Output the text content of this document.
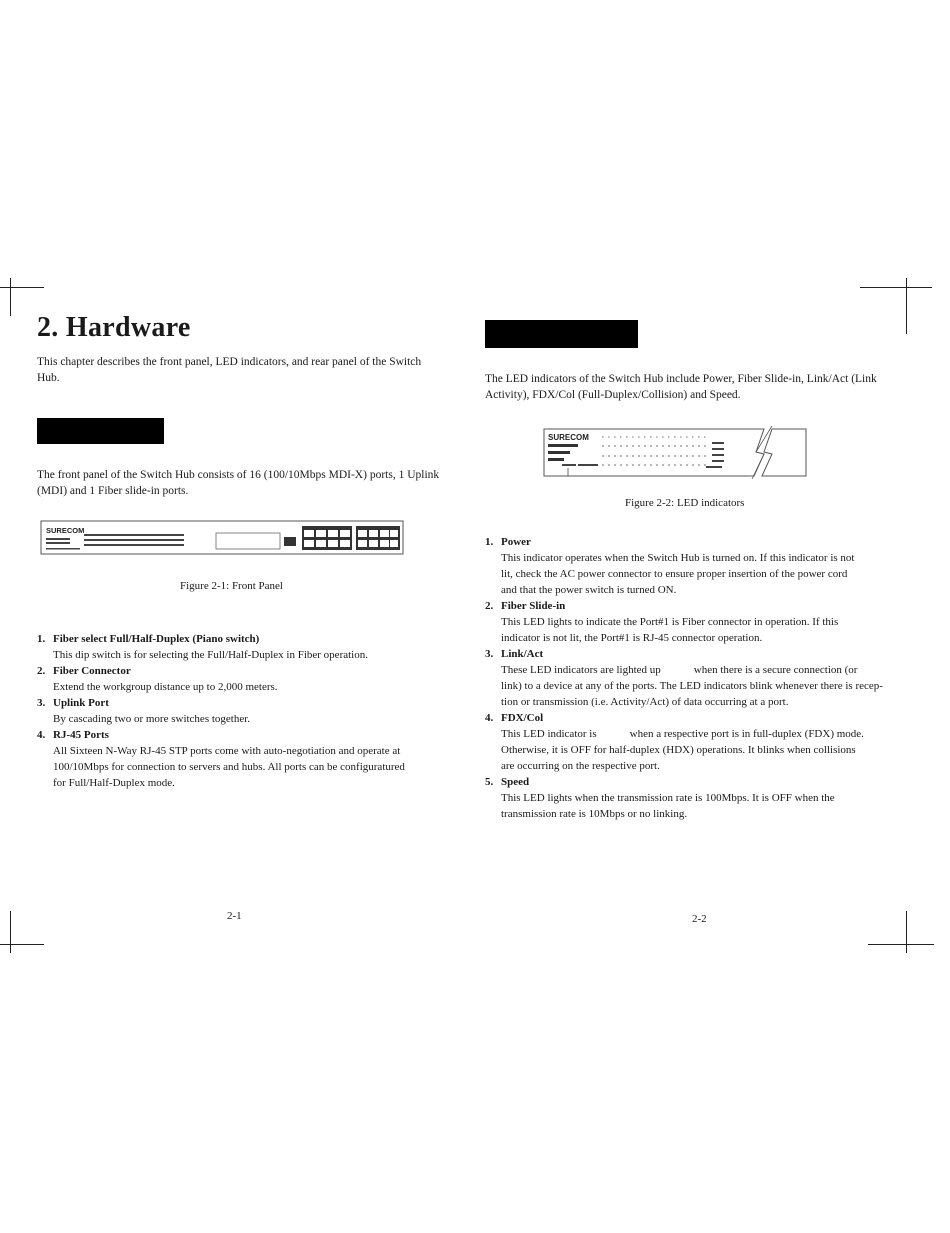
2. Hardware
This chapter describes the front panel, LED indicators, and rear panel of the Switch
Hub.
The front panel of the Switch Hub consists of 16 (100/10Mbps MDI-X) ports, 1 Uplink
(MDI) and 1 Fiber slide-in ports.
SURECOM
Figure 2-1: Front Panel
1. Fiber select Full/Half-Duplex (Piano switch)
This dip switch is for selecting the Full/Half-Duplex in Fiber operation.
2. Fiber Connector
Extend the workgroup distance up to 2,000 meters.
3. Uplink Port
By cascading two or more switches together.
4. RJ-45 Ports
All Sixteen N-Way RJ-45 STP ports come with auto-negotiation and operate at
100/10Mbps for connection to servers and hubs. All ports can be configuratured
for Full/Half-Duplex mode.
2-1
The LED indicators of the Switch Hub include Power, Fiber Slide-in, Link/Act (Link
Activity), FDX/Col (Full-Duplex/Collision) and Speed.
SURECOM
Figure 2-2: LED indicators
1. Power
This indicator operates when the Switch Hub is turned on. If this indicator is not
lit, check the AC power connector to ensure proper insertion of the power cord
and that the power switch is turned ON.
2. Fiber Slide-in
This LED lights to indicate the Port#1 is Fiber connector in operation. If this
indicator is not lit, the Port#1 is RJ-45 connector operation.
3. Link/Act
These LED indicators are lighted up            when there is a secure connection (or
link) to a device at any of the ports. The LED indicators blink whenever there is recep-
tion or transmission (i.e. Activity/Act) of data occurring at a port.
4. FDX/Col
This LED indicator is            when a respective port is in full-duplex (FDX) mode.
Otherwise, it is OFF for half-duplex (HDX) operations. It blinks when collisions
are occurring on the respective port.
5. Speed
This LED lights when the transmission rate is 100Mbps. It is OFF when the
transmission rate is 10Mbps or no linking.
2-2
